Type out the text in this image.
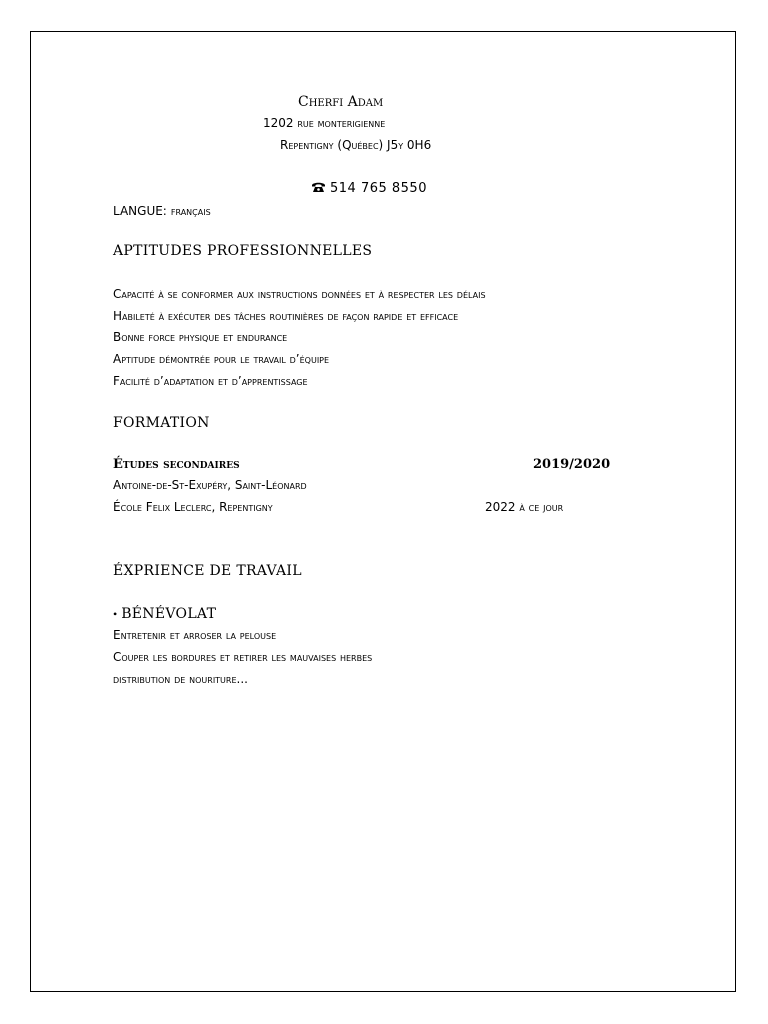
Cherfi Adam
1202 rue monterigienne
Repentigny (Québec) J5y 0H6
514 765 8550
LANGUE: français
APTITUDES PROFESSIONNELLES
Capacité à se conformer aux instructions données et à respecter les délais
Habileté à exécuter des tâches routinières de façon rapide et efficace
Bonne force physique et endurance
Aptitude démontrée pour le travail d’équipe
Facilité d’adaptation et d’apprentissage
FORMATION
Études secondaires	2019/2020
Antoine-de-St-Exupéry, Saint-Léonard
École Felix Leclerc, Repentigny	2022 à ce jour
ÉXPRIENCE DE TRAVAIL
• BÉNÉVOLAT
Entretenir et arroser la pelouse
Couper les bordures et retirer les mauvaises herbes
distribution de nouriture...
